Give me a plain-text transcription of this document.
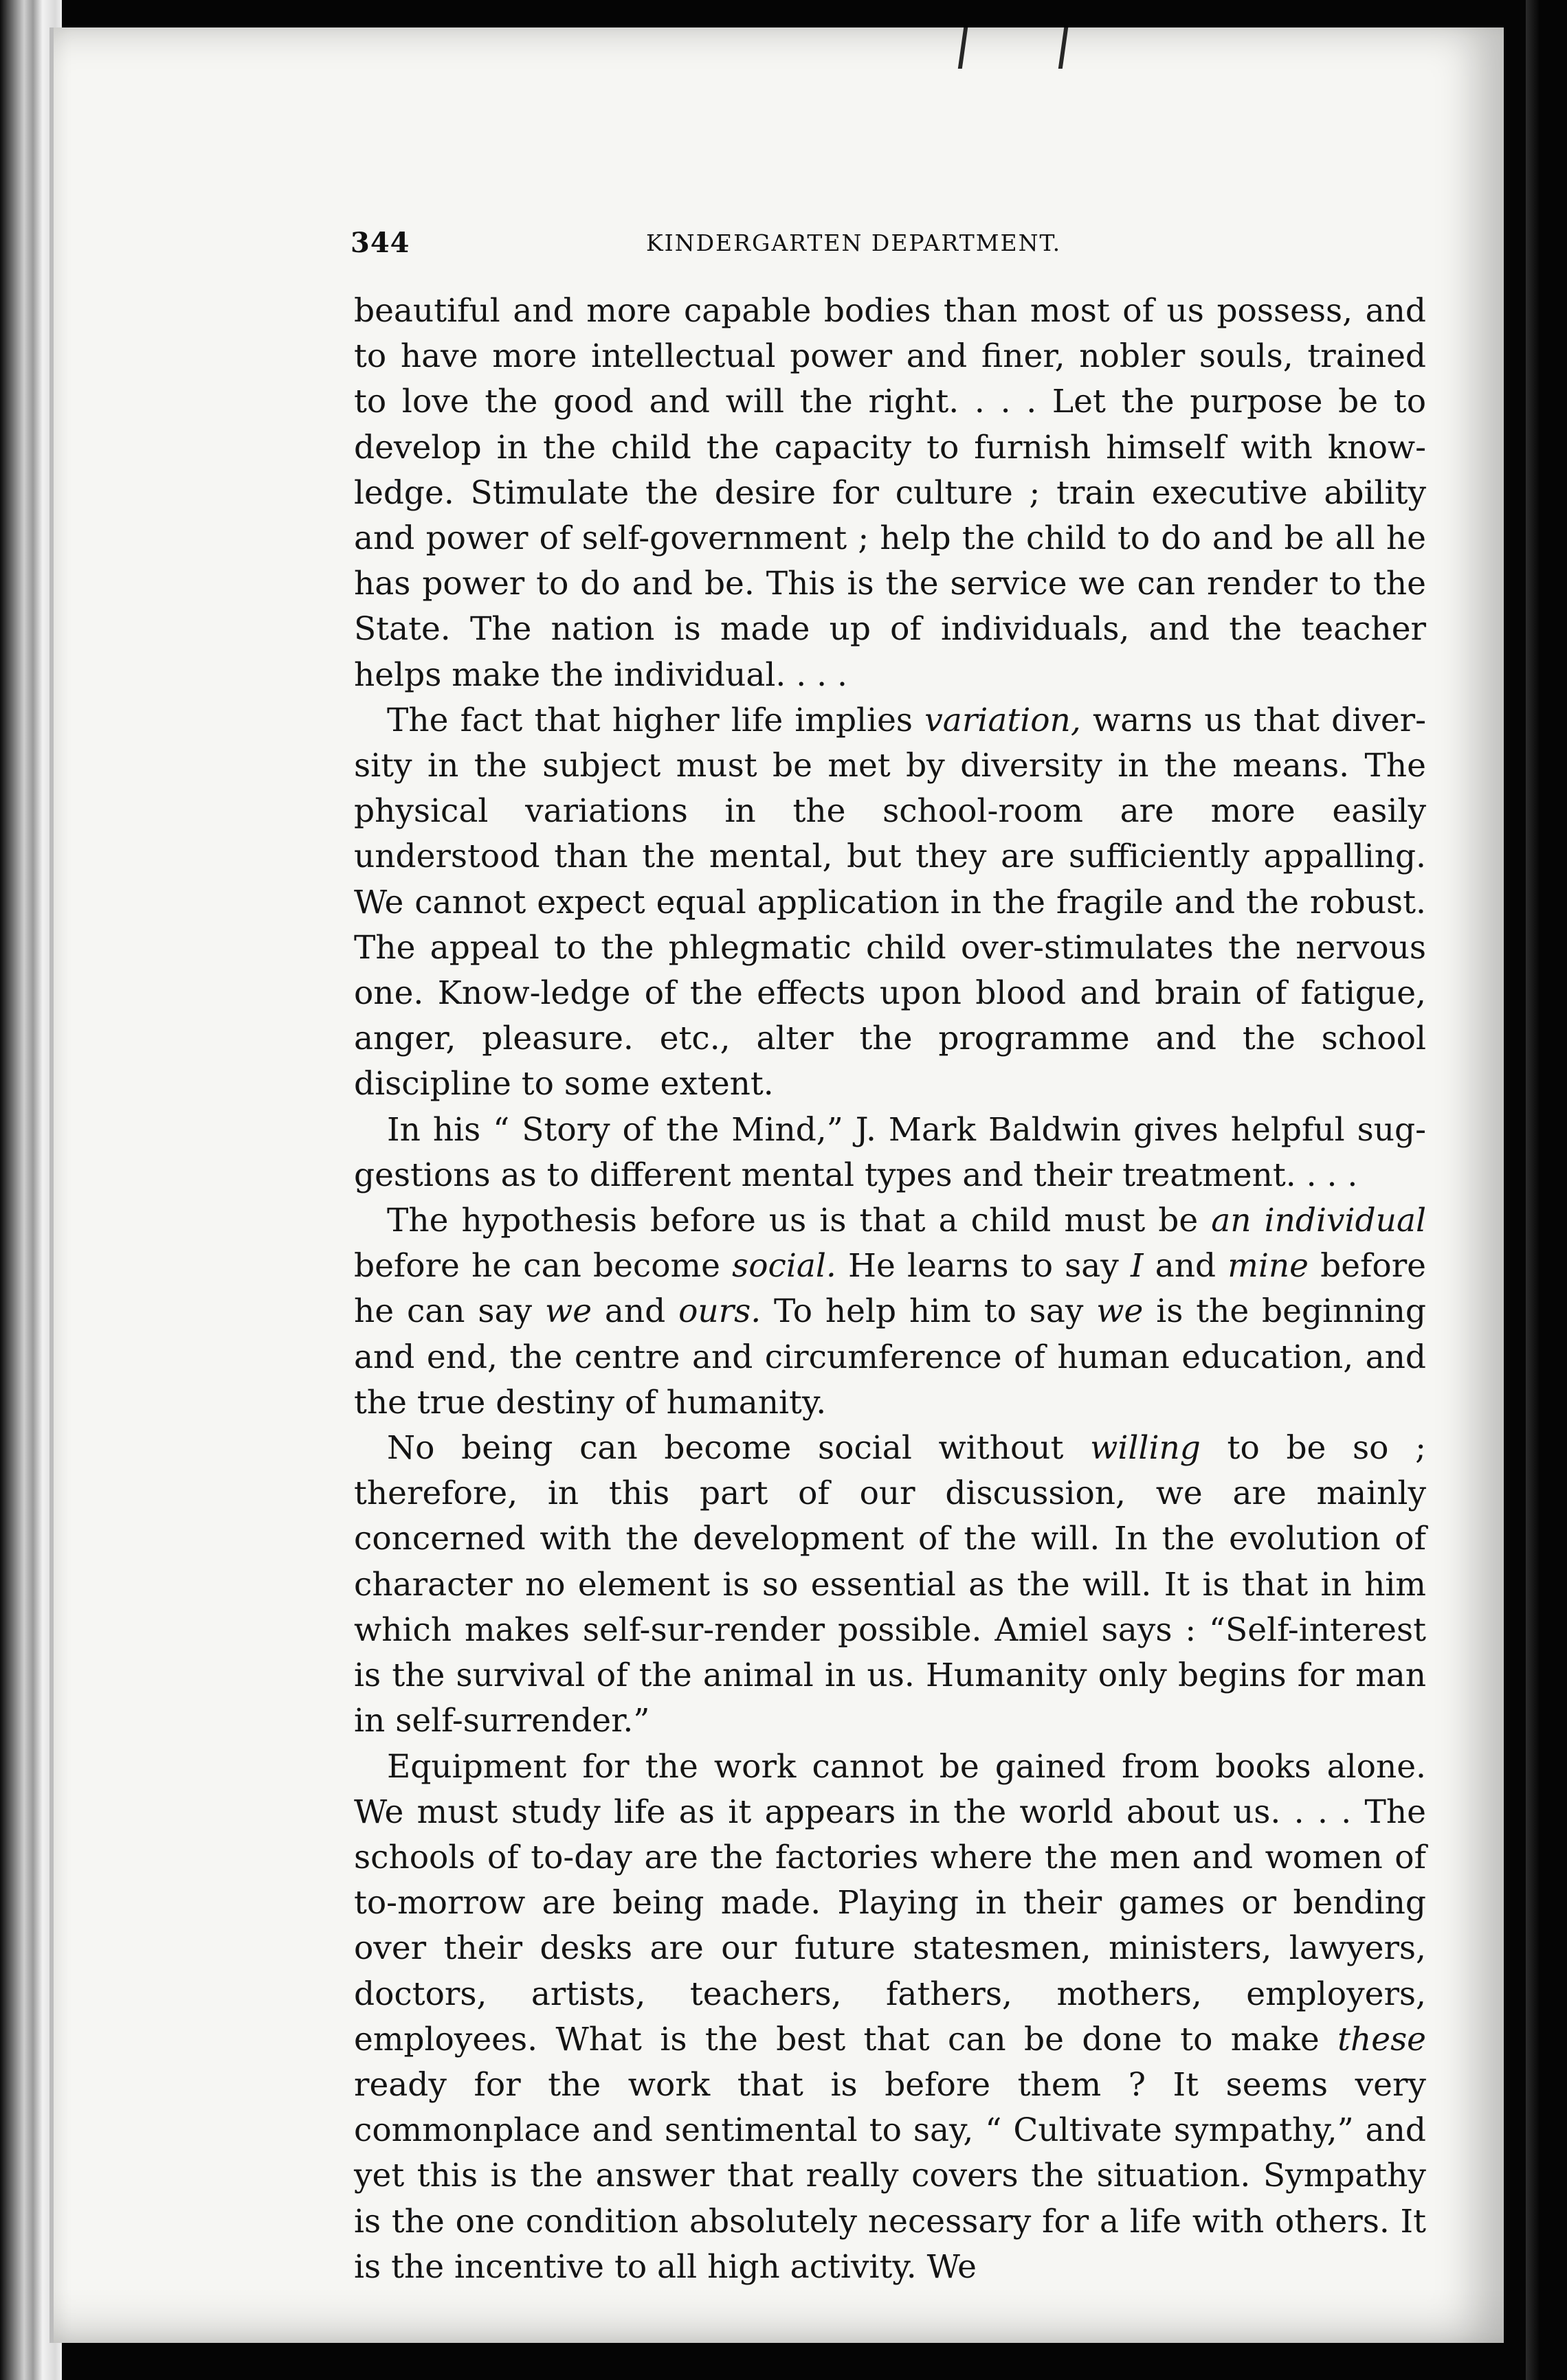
344	KINDERGARTEN DEPARTMENT.

beautiful and more capable bodies than most of us possess, and to have more intellectual power and finer, nobler souls, trained to love the good and will the right. . . . Let the purpose be to develop in the child the capacity to furnish himself with know-ledge. Stimulate the desire for culture ; train executive ability and power of self-government ; help the child to do and be all he has power to do and be. This is the service we can render to the State. The nation is made up of individuals, and the teacher helps make the individual. . . .

The fact that higher life implies variation, warns us that diver-sity in the subject must be met by diversity in the means. The physical variations in the school-room are more easily understood than the mental, but they are sufficiently appalling. We cannot expect equal application in the fragile and the robust. The appeal to the phlegmatic child over-stimulates the nervous one. Know-ledge of the effects upon blood and brain of fatigue, anger, pleasure. etc., alter the programme and the school discipline to some extent.

In his “ Story of the Mind,” J. Mark Baldwin gives helpful sug-gestions as to different mental types and their treatment. . . .

The hypothesis before us is that a child must be an individual before he can become social. He learns to say I and mine before he can say we and ours. To help him to say we is the beginning and end, the centre and circumference of human education, and the true destiny of humanity.

No being can become social without willing to be so ; therefore, in this part of our discussion, we are mainly concerned with the development of the will. In the evolution of character no element is so essential as the will. It is that in him which makes self-sur-render possible. Amiel says : “Self-interest is the survival of the animal in us. Humanity only begins for man in self-surrender.”

Equipment for the work cannot be gained from books alone. We must study life as it appears in the world about us. . . . The schools of to-day are the factories where the men and women of to-morrow are being made. Playing in their games or bending over their desks are our future statesmen, ministers, lawyers, doctors, artists, teachers, fathers, mothers, employers, employees. What is the best that can be done to make these ready for the work that is before them ? It seems very commonplace and sentimental to say, “ Cultivate sympathy,” and yet this is the answer that really covers the situation. Sympathy is the one condition absolutely necessary for a life with others. It is the incentive to all high activity. We
